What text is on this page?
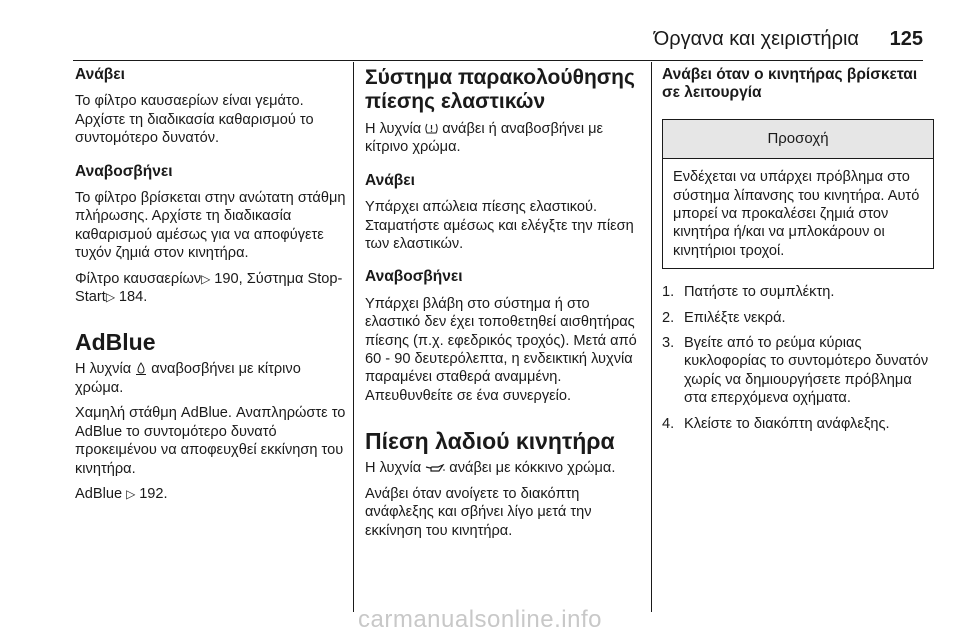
Όργανα και χειριστήρια 125
Ανάβει

Το φίλτρο καυσαερίων είναι γεμάτο. Αρχίστε τη διαδικασία καθαρισμού το συντομότερο δυνατόν.

Αναβοσβήνει

Το φίλτρο βρίσκεται στην ανώτατη στάθμη πλήρωσης. Αρχίστε τη διαδικασία καθαρισμού αμέσως για να αποφύγετε τυχόν ζημιά στον κινητήρα.

Φίλτρο καυσαερίων▷ 190, Σύστημα Stop-Start▷ 184.

AdBlue

Η λυχνία αναβοσβήνει με κίτρινο χρώμα.

Χαμηλή στάθμη AdBlue. Αναπληρώστε το AdBlue το συντομότερο δυνατό προκειμένου να αποφευχθεί εκκίνηση του κινητήρα.

AdBlue ▷ 192.

Σύστημα παρακολούθησης πίεσης ελαστικών

Η λυχνία ανάβει ή αναβοσβήνει με κίτρινο χρώμα.

Ανάβει

Υπάρχει απώλεια πίεσης ελαστικού. Σταματήστε αμέσως και ελέγξτε την πίεση των ελαστικών.

Αναβοσβήνει

Υπάρχει βλάβη στο σύστημα ή στο ελαστικό δεν έχει τοποθετηθεί αισθητήρας πίεσης (π.χ. εφεδρικός τροχός). Μετά από 60 - 90 δευτερόλεπτα, η ενδεικτική λυχνία παραμένει σταθερά αναμμένη. Απευθυνθείτε σε ένα συνεργείο.

Πίεση λαδιού κινητήρα

Η λυχνία ανάβει με κόκκινο χρώμα.

Ανάβει όταν ανοίγετε το διακόπτη ανάφλεξης και σβήνει λίγο μετά την εκκίνηση του κινητήρα.

Ανάβει όταν ο κινητήρας βρίσκεται σε λειτουργία
Προσοχή
Ενδέχεται να υπάρχει πρόβλημα στο σύστημα λίπανσης του κινητήρα. Αυτό μπορεί να προκαλέσει ζημιά στον κινητήρα ή/και να μπλοκάρουν οι κινητήριοι τροχοί.
1. Πατήστε το συμπλέκτη.
2. Επιλέξτε νεκρά.
3. Βγείτε από το ρεύμα κύριας κυκλοφορίας το συντομότερο δυνατόν χωρίς να δημιουργήσετε πρόβλημα στα επερχόμενα οχήματα.
4. Κλείστε το διακόπτη ανάφλεξης.
carmanualsonline.info
